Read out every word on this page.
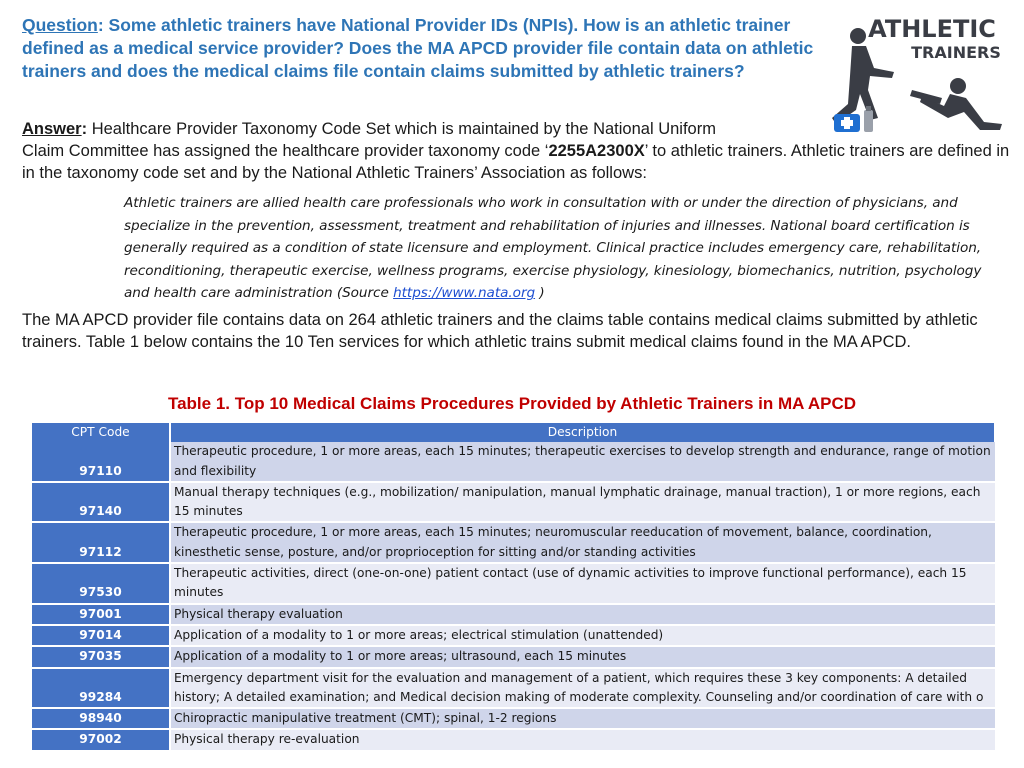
Question: Some athletic trainers have National Provider IDs (NPIs). How is an athletic trainer defined as a medical service provider? Does the MA APCD provider file contain data on athletic trainers and does the medical claims file contain claims submitted by athletic trainers?
Answer: Healthcare Provider Taxonomy Code Set which is maintained by the National Uniform
Claim Committee has assigned the healthcare provider taxonomy code ‘2255A2300X’ to athletic trainers. Athletic trainers are defined in in the taxonomy code set and by the National Athletic Trainers’ Association as follows:
Athletic trainers are allied health care professionals who work in consultation with or under the direction of physicians, and specialize in the prevention, assessment, treatment and rehabilitation of injuries and illnesses. National board certification is generally required as a condition of state licensure and employment. Clinical practice includes emergency care, rehabilitation, reconditioning, therapeutic exercise, wellness programs, exercise physiology, kinesiology, biomechanics, nutrition, psychology and health care administration (Source https://www.nata.org )
The MA APCD provider file contains data on 264 athletic trainers and the claims table contains medical claims submitted by athletic trainers. Table 1 below contains the 10 Ten services for which athletic trains submit medical claims found in the MA APCD.
Table 1. Top 10 Medical Claims Procedures Provided by Athletic Trainers in MA APCD
CPT Code	Description
97110	Therapeutic procedure, 1 or more areas, each 15 minutes; therapeutic exercises to develop strength and endurance, range of motion and flexibility
97140	Manual therapy techniques (e.g., mobilization/ manipulation, manual lymphatic drainage, manual traction), 1 or more regions, each 15 minutes
97112	Therapeutic procedure, 1 or more areas, each 15 minutes; neuromuscular reeducation of movement, balance, coordination, kinesthetic sense, posture, and/or proprioception for sitting and/or standing activities
97530	Therapeutic activities, direct (one-on-one) patient contact (use of dynamic activities to improve functional performance), each 15 minutes
97001	Physical therapy evaluation
97014	Application of a modality to 1 or more areas; electrical stimulation (unattended)
97035	Application of a modality to 1 or more areas; ultrasound, each 15 minutes
99284	Emergency department visit for the evaluation and management of a patient, which requires these 3 key components: A detailed history; A detailed examination; and Medical decision making of moderate complexity. Counseling and/or coordination of care with o
98940	Chiropractic manipulative treatment (CMT); spinal, 1-2 regions
97002	Physical therapy re-evaluation
ATHLETIC
TRAINERS
